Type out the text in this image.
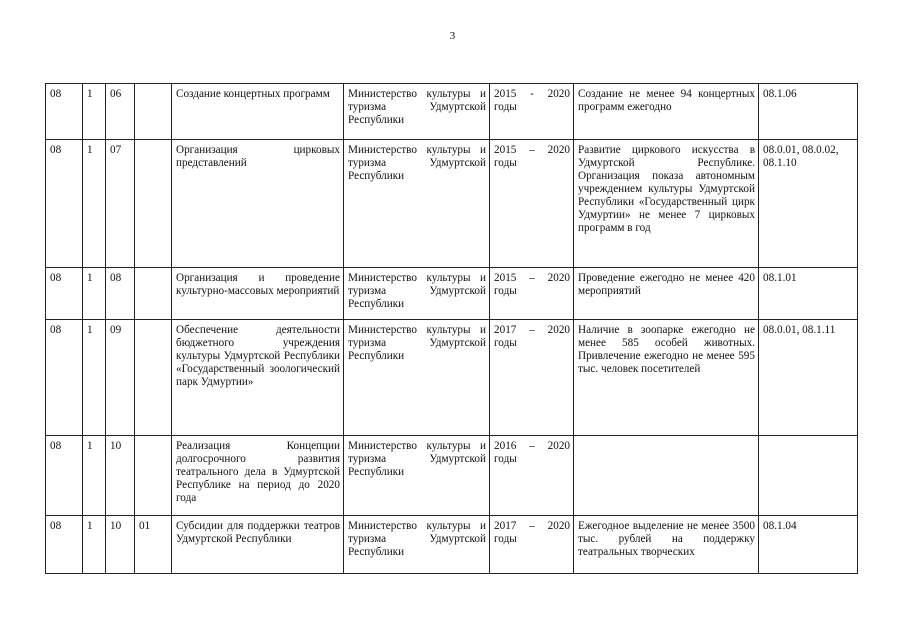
3
08	1	06		Создание концертных программ	Министерство культуры и туризма Удмуртской Республики	2015 - 2020 годы	Создание не менее 94 концертных программ ежегодно	08.1.06
08	1	07		Организация цирковых представлений	Министерство культуры и туризма Удмуртской Республики	2015 – 2020 годы	Развитие циркового искусства в Удмуртской Республике. Организация показа автономным учреждением культуры Удмуртской Республики «Государственный цирк Удмуртии» не менее 7 цирковых программ в год	08.0.01, 08.0.02, 08.1.10
08	1	08		Организация и проведение культурно-массовых мероприятий	Министерство культуры и туризма Удмуртской Республики	2015 – 2020 годы	Проведение ежегодно не менее 420 мероприятий	08.1.01
08	1	09		Обеспечение деятельности бюджетного учреждения культуры Удмуртской Республики «Государственный зоологический парк Удмуртии»	Министерство культуры и туризма Удмуртской Республики	2017 – 2020 годы	Наличие в зоопарке ежегодно не менее 585 особей животных. Привлечение ежегодно не менее 595 тыс. человек посетителей	08.0.01, 08.1.11
08	1	10		Реализация Концепции долгосрочного развития театрального дела в Удмуртской Республике на период до 2020 года	Министерство культуры и туризма Удмуртской Республики	2016 – 2020 годы		
08	1	10	01	Субсидии для поддержки театров Удмуртской Республики	Министерство культуры и туризма Удмуртской Республики	2017 – 2020 годы	Ежегодное выделение не менее 3500 тыс. рублей на поддержку театральных творческих	08.1.04
